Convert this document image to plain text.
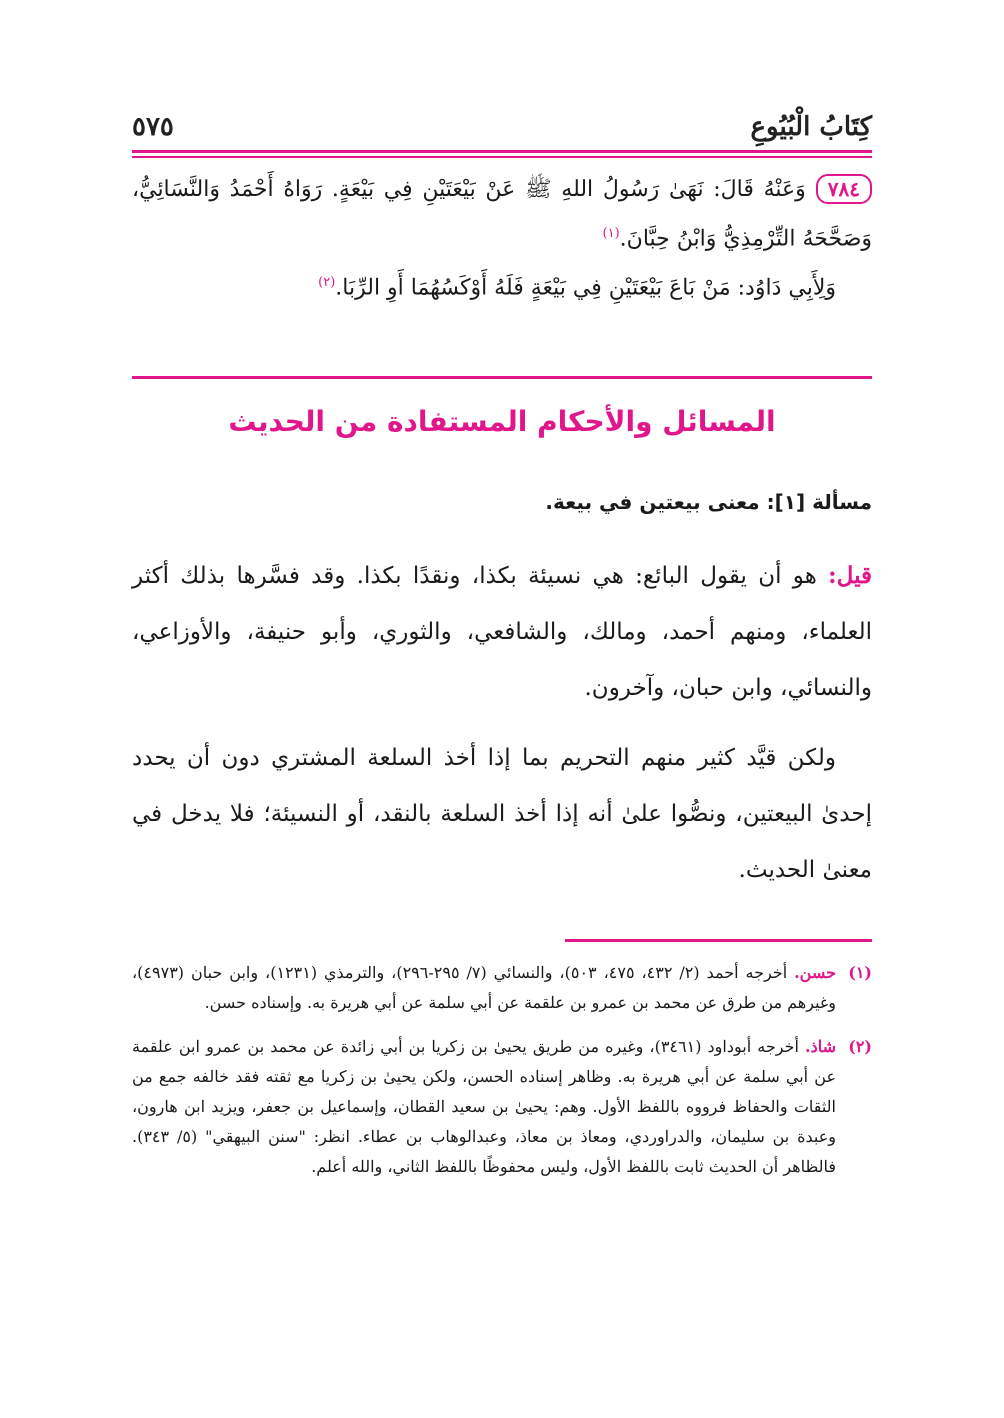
كِتَابُ الْبُيُوعِ
٥٧٥

٧٨٤وَعَنْهُ قَالَ: نَهَىٰ رَسُولُ اللهِ ﷺ عَنْ بَيْعَتَيْنِ فِي بَيْعَةٍ. رَوَاهُ أَحْمَدُ وَالنَّسَائِيُّ، وَصَحَّحَهُ التِّرْمِذِيُّ وَابْنُ حِبَّانَ.$^{(١)}$

وَلِأَبِي دَاوُد: مَنْ بَاعَ بَيْعَتَيْنِ فِي بَيْعَةٍ فَلَهُ أَوْكَسُهُمَا أَوِ الرِّبَا.$^{(٢)}$

المسائل والأحكام المستفادة من الحديث
مسألة [١]: معنى بيعتين في بيعة.

قيل: هو أن يقول البائع: هي نسيئة بكذا، ونقدًا بكذا. وقد فسَّرها بذلك أكثر العلماء، ومنهم أحمد، ومالك، والشافعي، والثوري، وأبو حنيفة، والأوزاعي، والنسائي، وابن حبان، وآخرون.

ولكن قيَّد كثير منهم التحريم بما إذا أخذ السلعة المشتري دون أن يحدد إحدىٰ البيعتين، ونصُّوا علىٰ أنه إذا أخذ السلعة بالنقد، أو النسيئة؛ فلا يدخل في معنىٰ الحديث.

(١)
حسن. أخرجه أحمد (٢/ ٤٣٢، ٤٧٥، ٥٠٣)، والنسائي (٧/ ٢٩٥-٢٩٦)، والترمذي (١٢٣١)، وابن حبان (٤٩٧٣)، وغيرهم من طرق عن محمد بن عمرو بن علقمة عن أبي سلمة عن أبي هريرة به. وإسناده حسن.
(٢)
شاذ. أخرجه أبوداود (٣٤٦١)، وغيره من طريق يحيىٰ بن زكريا بن أبي زائدة عن محمد بن عمرو ابن علقمة عن أبي سلمة عن أبي هريرة به. وظاهر إسناده الحسن، ولكن يحيىٰ بن زكريا مع ثقته فقد خالفه جمع من الثقات والحفاظ فرووه باللفظ الأول. وهم: يحيىٰ بن سعيد القطان، وإسماعيل بن جعفر، ويزيد ابن هارون، وعبدة بن سليمان، والدراوردي، ومعاذ بن معاذ، وعبدالوهاب بن عطاء. انظر: "سنن البيهقي" (٥/ ٣٤٣). فالظاهر أن الحديث ثابت باللفظ الأول، وليس محفوظًا باللفظ الثاني، والله أعلم.
